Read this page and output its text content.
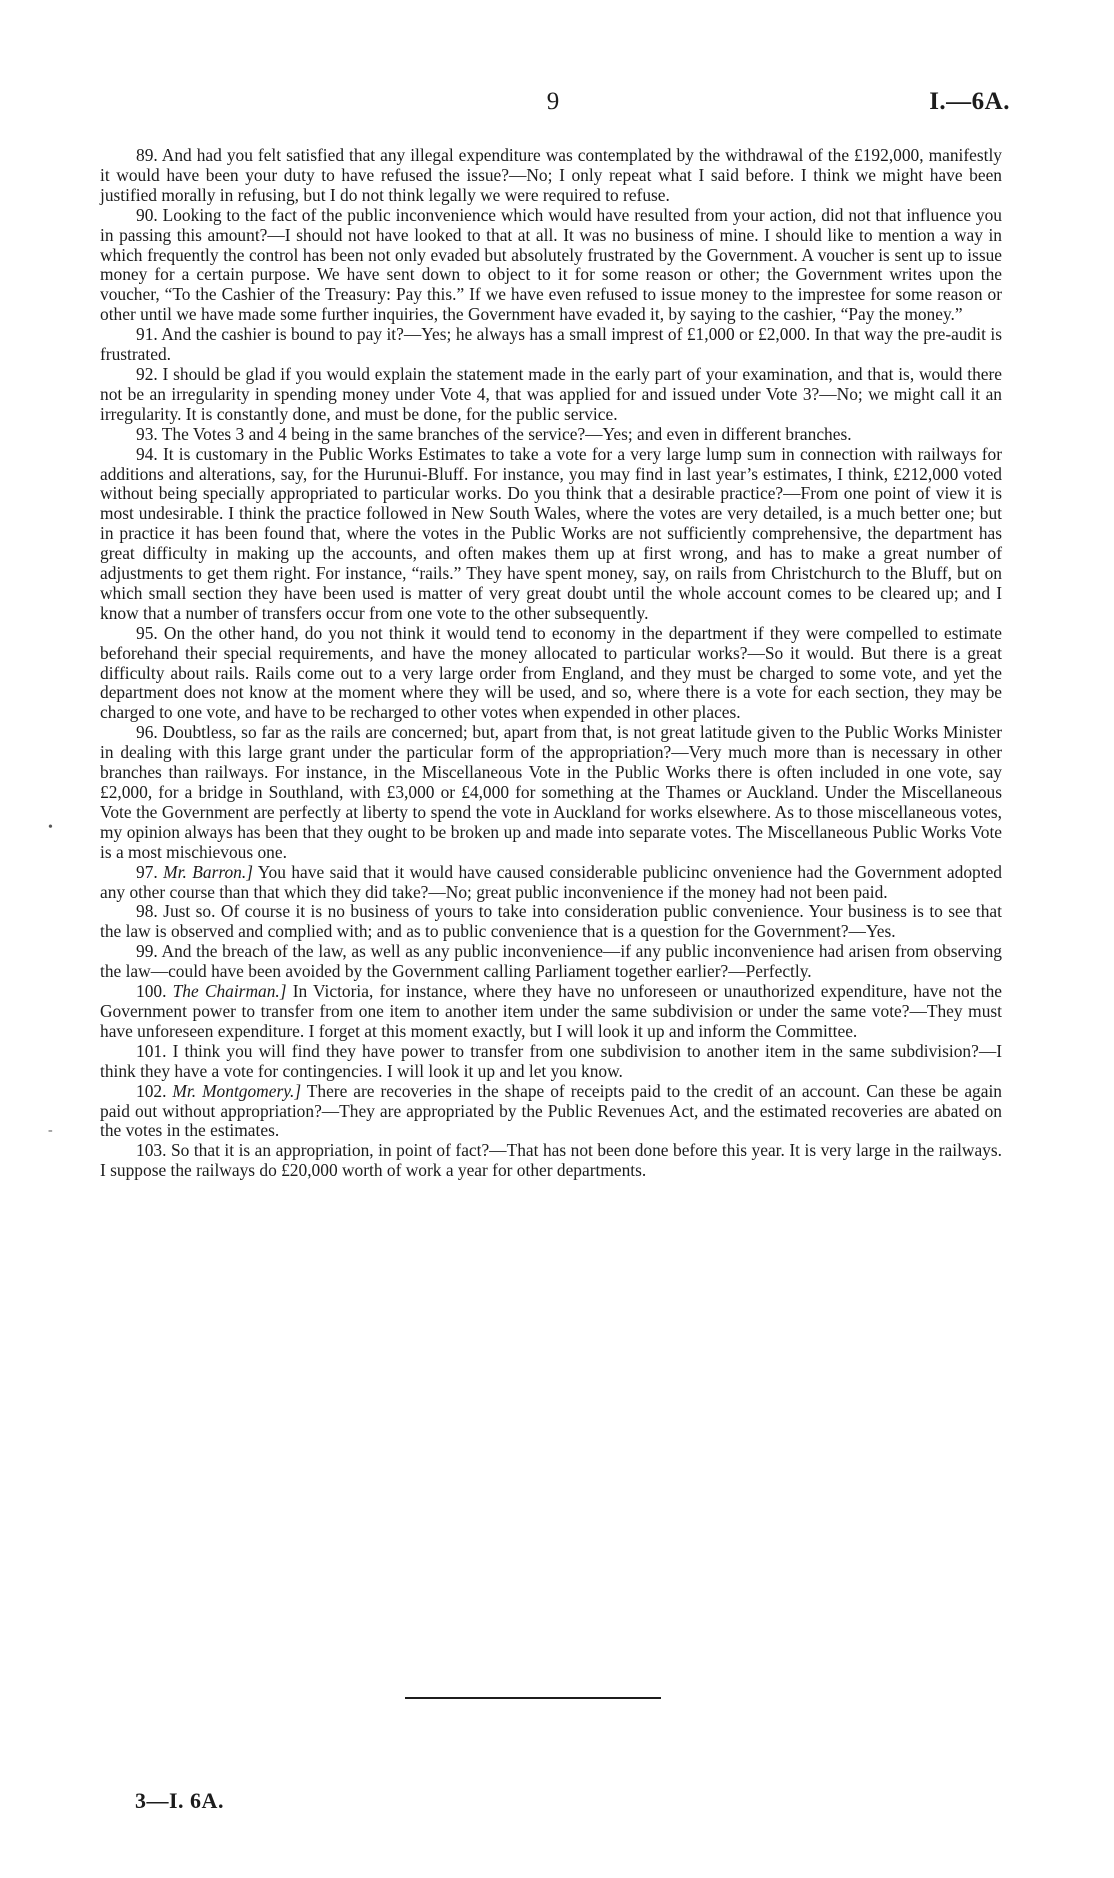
9	I.—6A.

89. And had you felt satisfied that any illegal expenditure was contemplated by the withdrawal of the £192,000, manifestly it would have been your duty to have refused the issue?—No; I only repeat what I said before. I think we might have been justified morally in refusing, but I do not think legally we were required to refuse.

90. Looking to the fact of the public inconvenience which would have resulted from your action, did not that influence you in passing this amount?—I should not have looked to that at all. It was no business of mine. I should like to mention a way in which frequently the control has been not only evaded but absolutely frustrated by the Government. A voucher is sent up to issue money for a certain purpose. We have sent down to object to it for some reason or other; the Government writes upon the voucher, “To the Cashier of the Treasury: Pay this.” If we have even refused to issue money to the imprestee for some reason or other until we have made some further inquiries, the Government have evaded it, by saying to the cashier, “Pay the money.”

91. And the cashier is bound to pay it?—Yes; he always has a small imprest of £1,000 or £2,000. In that way the pre-audit is frustrated.

92. I should be glad if you would explain the statement made in the early part of your examination, and that is, would there not be an irregularity in spending money under Vote 4, that was applied for and issued under Vote 3?—No; we might call it an irregularity. It is constantly done, and must be done, for the public service.

93. The Votes 3 and 4 being in the same branches of the service?—Yes; and even in different branches.

94. It is customary in the Public Works Estimates to take a vote for a very large lump sum in connection with railways for additions and alterations, say, for the Hurunui-Bluff. For instance, you may find in last year’s estimates, I think, £212,000 voted without being specially appropriated to particular works. Do you think that a desirable practice?—From one point of view it is most undesirable. I think the practice followed in New South Wales, where the votes are very detailed, is a much better one; but in practice it has been found that, where the votes in the Public Works are not sufficiently comprehensive, the department has great difficulty in making up the accounts, and often makes them up at first wrong, and has to make a great number of adjustments to get them right. For instance, “rails.” They have spent money, say, on rails from Christchurch to the Bluff, but on which small section they have been used is matter of very great doubt until the whole account comes to be cleared up; and I know that a number of transfers occur from one vote to the other subsequently.

95. On the other hand, do you not think it would tend to economy in the department if they were compelled to estimate beforehand their special requirements, and have the money allocated to particular works?—So it would. But there is a great difficulty about rails. Rails come out to a very large order from England, and they must be charged to some vote, and yet the department does not know at the moment where they will be used, and so, where there is a vote for each section, they may be charged to one vote, and have to be recharged to other votes when expended in other places.

96. Doubtless, so far as the rails are concerned; but, apart from that, is not great latitude given to the Public Works Minister in dealing with this large grant under the particular form of the appropriation?—Very much more than is necessary in other branches than railways. For instance, in the Miscellaneous Vote in the Public Works there is often included in one vote, say £2,000, for a bridge in Southland, with £3,000 or £4,000 for something at the Thames or Auckland. Under the Miscellaneous Vote the Government are perfectly at liberty to spend the vote in Auckland for works elsewhere. As to those miscellaneous votes, my opinion always has been that they ought to be broken up and made into separate votes. The Miscellaneous Public Works Vote is a most mischievous one.

97. Mr. Barron.] You have said that it would have caused considerable publicinc onvenience had the Government adopted any other course than that which they did take?—No; great public inconvenience if the money had not been paid.

98. Just so. Of course it is no business of yours to take into consideration public convenience. Your business is to see that the law is observed and complied with; and as to public convenience that is a question for the Government?—Yes.

99. And the breach of the law, as well as any public inconvenience—if any public inconvenience had arisen from observing the law—could have been avoided by the Government calling Parliament together earlier?—Perfectly.

100. The Chairman.] In Victoria, for instance, where they have no unforeseen or unauthorized expenditure, have not the Government power to transfer from one item to another item under the same subdivision or under the same vote?—They must have unforeseen expenditure. I forget at this moment exactly, but I will look it up and inform the Committee.

101. I think you will find they have power to transfer from one subdivision to another item in the same subdivision?—I think they have a vote for contingencies. I will look it up and let you know.

102. Mr. Montgomery.] There are recoveries in the shape of receipts paid to the credit of an account. Can these be again paid out without appropriation?—They are appropriated by the Public Revenues Act, and the estimated recoveries are abated on the votes in the estimates.

103. So that it is an appropriation, in point of fact?—That has not been done before this year. It is very large in the railways. I suppose the railways do £20,000 worth of work a year for other departments.

3—I. 6A.
•
‐
